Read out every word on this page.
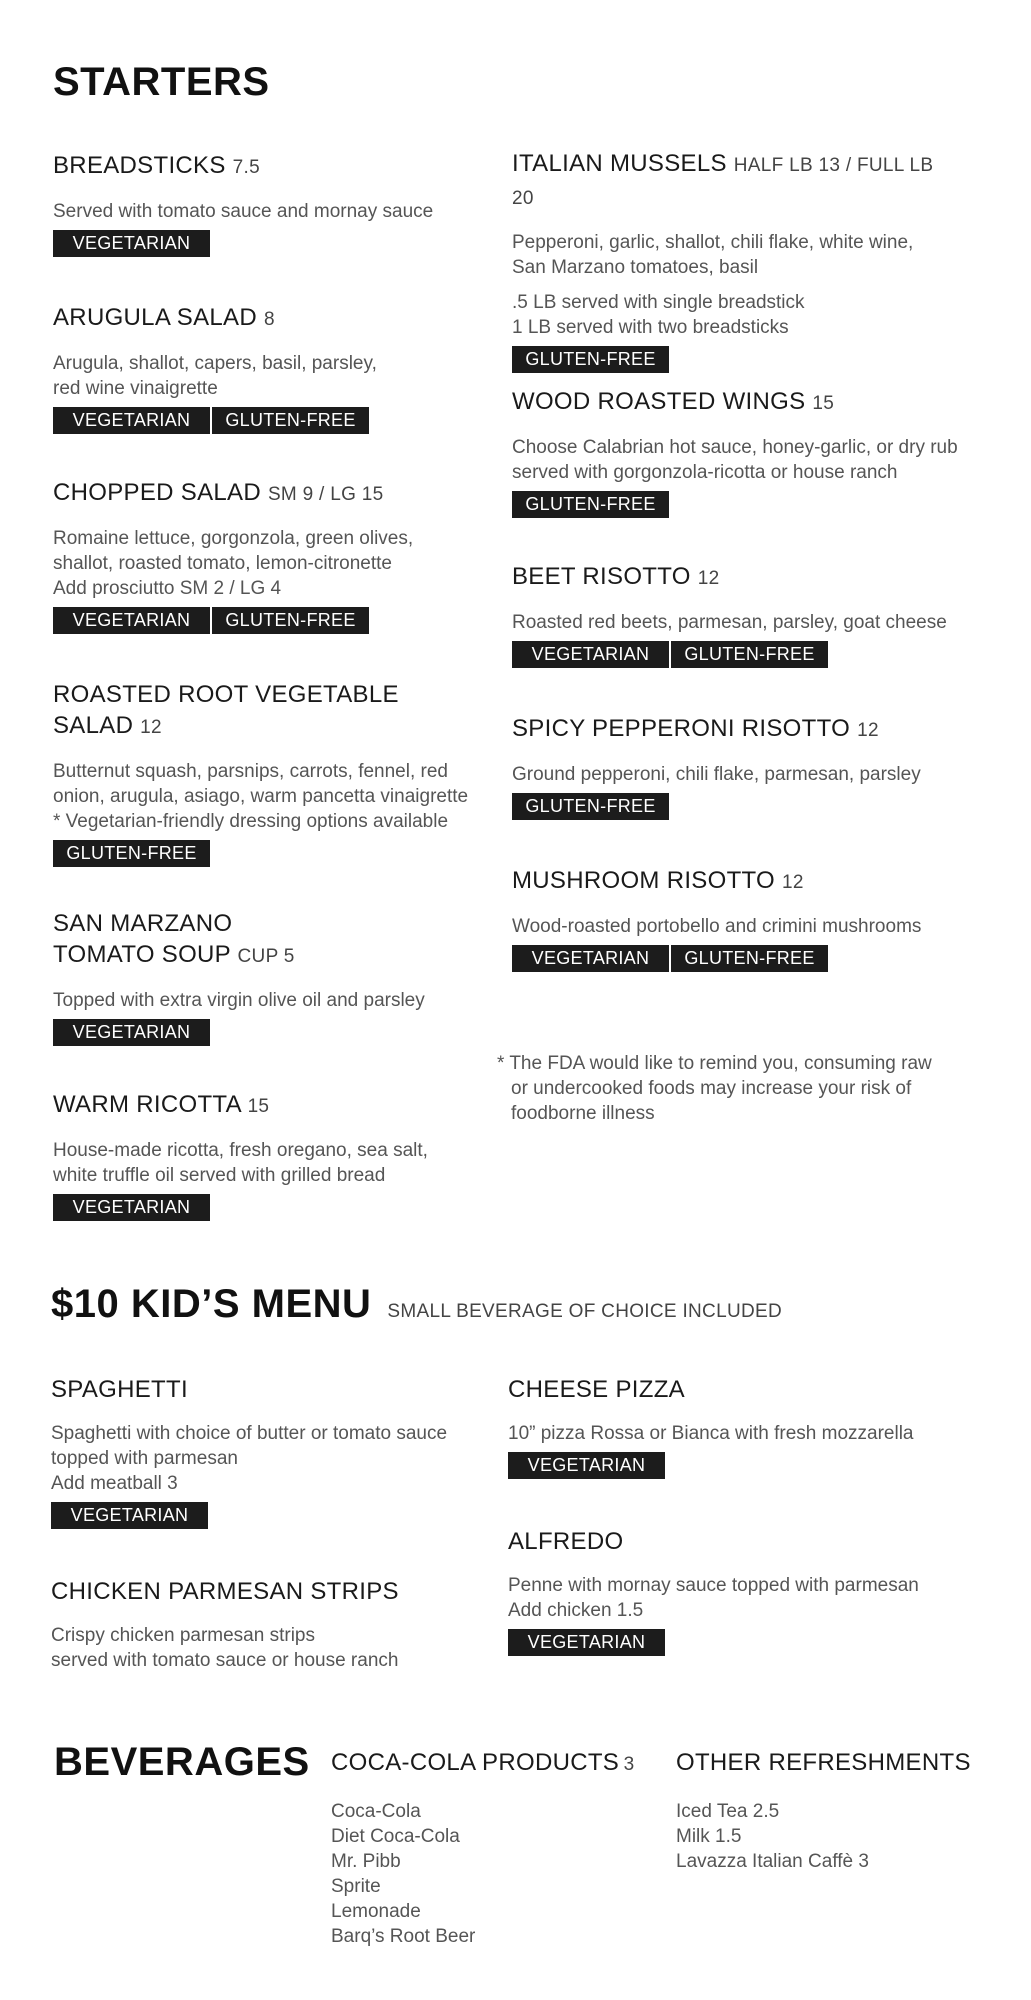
STARTERS
BREADSTICKS 7.5
Served with tomato sauce and mornay sauce
VEGETARIAN
ARUGULA SALAD 8
Arugula, shallot, capers, basil, parsley,
red wine vinaigrette
VEGETARIAN	GLUTEN-FREE
CHOPPED SALAD SM 9 / LG 15
Romaine lettuce, gorgonzola, green olives,
shallot, roasted tomato, lemon-citronette
Add prosciutto SM 2 / LG 4
VEGETARIAN	GLUTEN-FREE
ROASTED ROOT VEGETABLE
SALAD 12
Butternut squash, parsnips, carrots, fennel, red
onion, arugula, asiago, warm pancetta vinaigrette
* Vegetarian-friendly dressing options available
GLUTEN-FREE
SAN MARZANO
TOMATO SOUP CUP 5
Topped with extra virgin olive oil and parsley
VEGETARIAN
WARM RICOTTA 15
House-made ricotta, fresh oregano, sea salt,
white truffle oil served with grilled bread
VEGETARIAN
ITALIAN MUSSELS HALF LB 13 / FULL LB 20
Pepperoni, garlic, shallot, chili flake, white wine,
San Marzano tomatoes, basil
.5 LB served with single breadstick
1 LB served with two breadsticks
GLUTEN-FREE
WOOD ROASTED WINGS 15
Choose Calabrian hot sauce, honey-garlic, or dry rub
served with gorgonzola-ricotta or house ranch
GLUTEN-FREE
BEET RISOTTO 12
Roasted red beets, parmesan, parsley, goat cheese
VEGETARIAN	GLUTEN-FREE
SPICY PEPPERONI RISOTTO 12
Ground pepperoni, chili flake, parmesan, parsley
GLUTEN-FREE
MUSHROOM RISOTTO 12
Wood-roasted portobello and crimini mushrooms
VEGETARIAN	GLUTEN-FREE
* The FDA would like to remind you, consuming raw
or undercooked foods may increase your risk of
foodborne illness
$10 KID’S MENU SMALL BEVERAGE OF CHOICE INCLUDED
SPAGHETTI
Spaghetti with choice of butter or tomato sauce
topped with parmesan
Add meatball 3
VEGETARIAN
CHICKEN PARMESAN STRIPS
Crispy chicken parmesan strips
served with tomato sauce or house ranch
CHEESE PIZZA
10” pizza Rossa or Bianca with fresh mozzarella
VEGETARIAN
ALFREDO
Penne with mornay sauce topped with parmesan
Add chicken 1.5
VEGETARIAN
BEVERAGES COCA-COLA PRODUCTS 3
Coca-Cola
Diet Coca-Cola
Mr. Pibb
Sprite
Lemonade
Barq’s Root Beer
OTHER REFRESHMENTS
Iced Tea 2.5
Milk 1.5
Lavazza Italian Caffè 3
